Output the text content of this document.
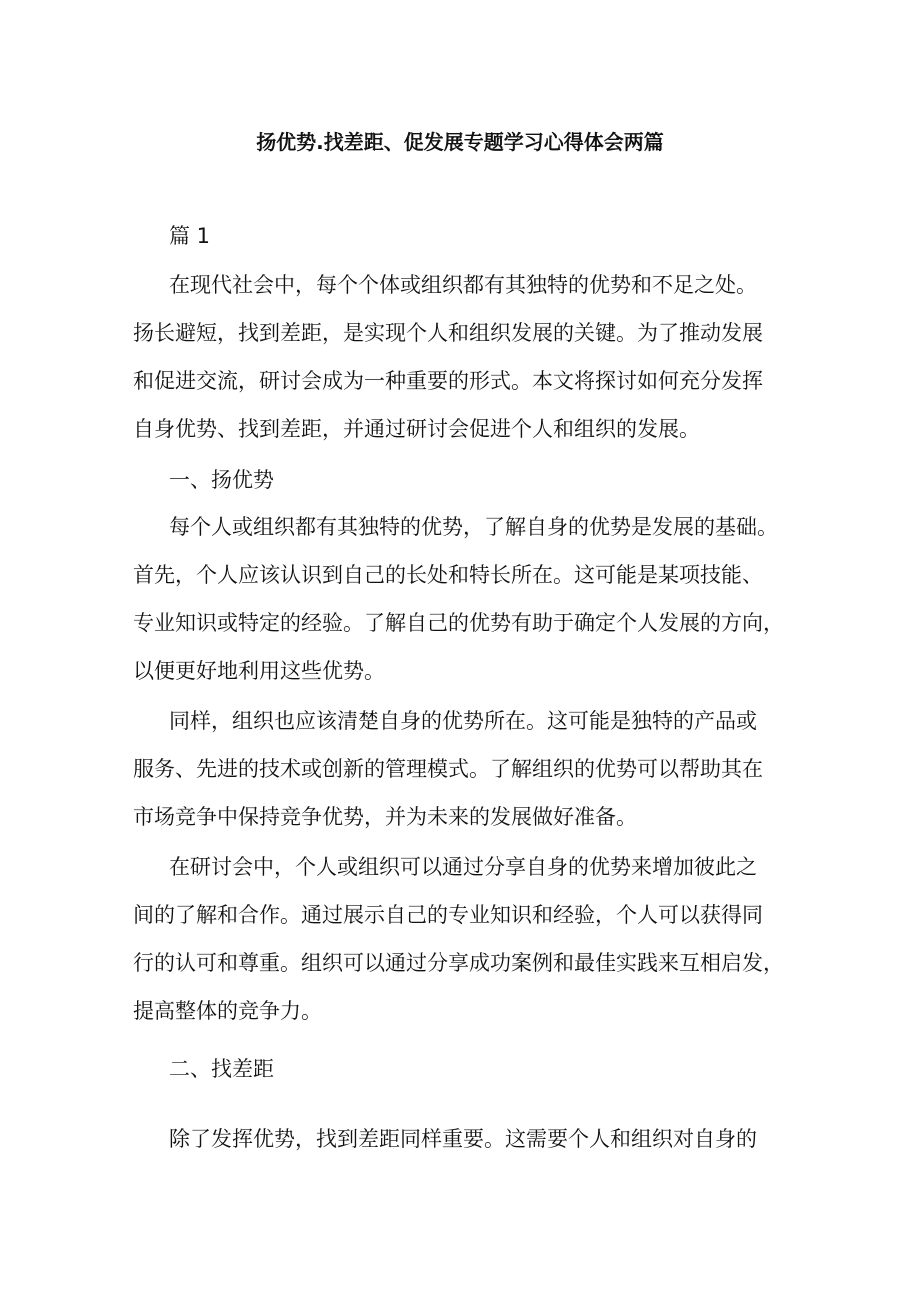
扬优势.找差距、促发展专题学习心得体会两篇
篇 1
在现代社会中，每个个体或组织都有其独特的优势和不足之处。
扬长避短，找到差距，是实现个人和组织发展的关键。为了推动发展
和促进交流，研讨会成为一种重要的形式。本文将探讨如何充分发挥
自身优势、找到差距，并通过研讨会促进个人和组织的发展。
一、扬优势
每个人或组织都有其独特的优势，了解自身的优势是发展的基础。
首先，个人应该认识到自己的长处和特长所在。这可能是某项技能、
专业知识或特定的经验。了解自己的优势有助于确定个人发展的方向，
以便更好地利用这些优势。
同样，组织也应该清楚自身的优势所在。这可能是独特的产品或
服务、先进的技术或创新的管理模式。了解组织的优势可以帮助其在
市场竞争中保持竞争优势，并为未来的发展做好准备。
在研讨会中，个人或组织可以通过分享自身的优势来增加彼此之
间的了解和合作。通过展示自己的专业知识和经验，个人可以获得同
行的认可和尊重。组织可以通过分享成功案例和最佳实践来互相启发，
提高整体的竞争力。
二、找差距
除了发挥优势，找到差距同样重要。这需要个人和组织对自身的
